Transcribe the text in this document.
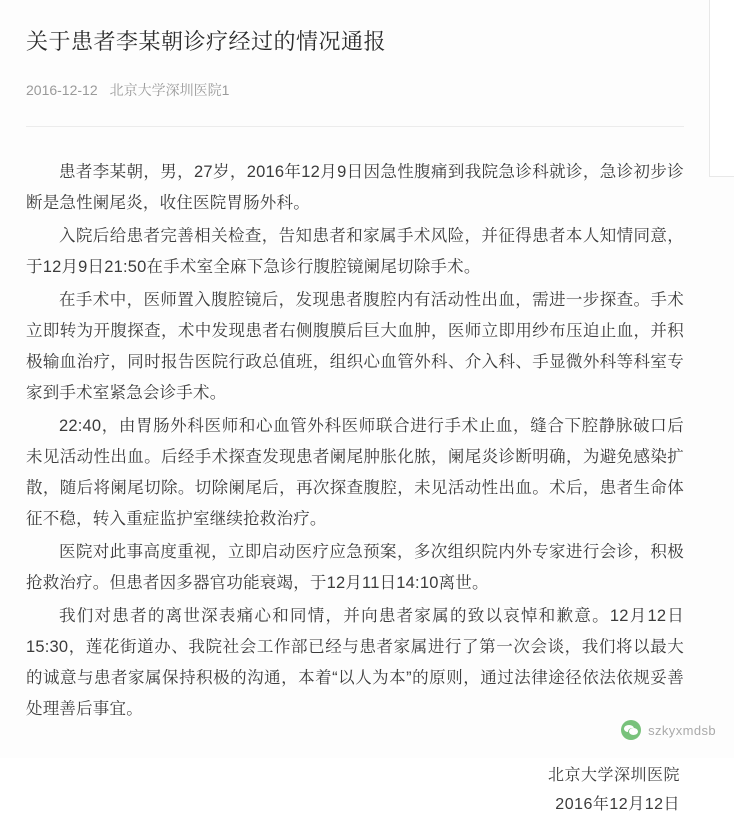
关于患者李某朝诊疗经过的情况通报
2016-12-12 北京大学深圳医院1

患者李某朝，男，27岁，2016年12月9日因急性腹痛到我院急诊科就诊，急诊初步诊断是急性阑尾炎，收住医院胃肠外科。

入院后给患者完善相关检查，告知患者和家属手术风险，并征得患者本人知情同意，于12月9日21:50在手术室全麻下急诊行腹腔镜阑尾切除手术。

在手术中，医师置入腹腔镜后，发现患者腹腔内有活动性出血，需进一步探查。手术立即转为开腹探查，术中发现患者右侧腹膜后巨大血肿，医师立即用纱布压迫止血，并积极输血治疗，同时报告医院行政总值班，组织心血管外科、介入科、手显微外科等科室专家到手术室紧急会诊手术。

22:40，由胃肠外科医师和心血管外科医师联合进行手术止血，缝合下腔静脉破口后未见活动性出血。后经手术探查发现患者阑尾肿胀化脓，阑尾炎诊断明确，为避免感染扩散，随后将阑尾切除。切除阑尾后，再次探查腹腔，未见活动性出血。术后，患者生命体征不稳，转入重症监护室继续抢救治疗。

医院对此事高度重视，立即启动医疗应急预案，多次组织院内外专家进行会诊，积极抢救治疗。但患者因多器官功能衰竭，于12月11日14:10离世。

我们对患者的离世深表痛心和同情，并向患者家属的致以哀悼和歉意。12月12日15:30，莲花街道办、我院社会工作部已经与患者家属进行了第一次会谈，我们将以最大的诚意与患者家属保持积极的沟通，本着“以人为本”的原则，通过法律途径依法依规妥善处理善后事宜。

北京大学深圳医院
2016年12月12日
szkyxmdsb
